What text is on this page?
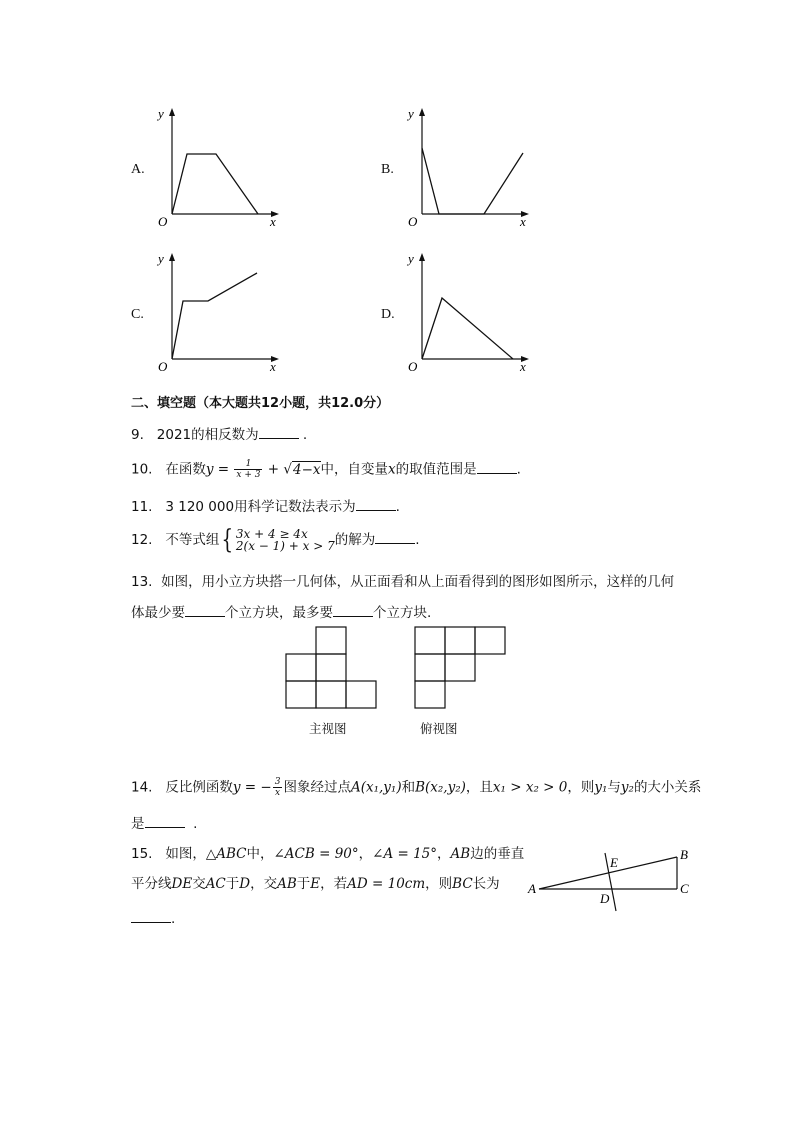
A.
y
x
O
B.
y
x
O
C.
y
x
O
D.
y
x
O
二、填空题（本大题共12小题，共12.0分）
9. 2021的相反数为	.
10. 在函数$y = \frac{1}{x + 3} + √4-x$中，自变量x的取值范围是	.
11. 3 120 000用科学记数法表示为	.
12. 不等式组{ 3x + 4 ≥ 4x
2(x − 1) + x > 7的解为	.
13. 如图，用小立方块搭一几何体，从正面看和从上面看得到的图形如图所示，这样的几何
体最少要	个立方块，最多要	个立方块.
主视图	俯视图
14. 反比例函数y = − $\frac{3}{x}$ 图象经过点A(x₁,y₁)和B(x₂,y₂)，且x₁ > x₂ > 0，则y₁与y₂的大小关系
是	.
15. 如图，△ABC中，∠ACB = 90°，∠A = 15°，AB边的垂直
平分线DE交AC于D，交AB于E，若AD = 10cm，则BC长为
.
A
B
C
D
E
